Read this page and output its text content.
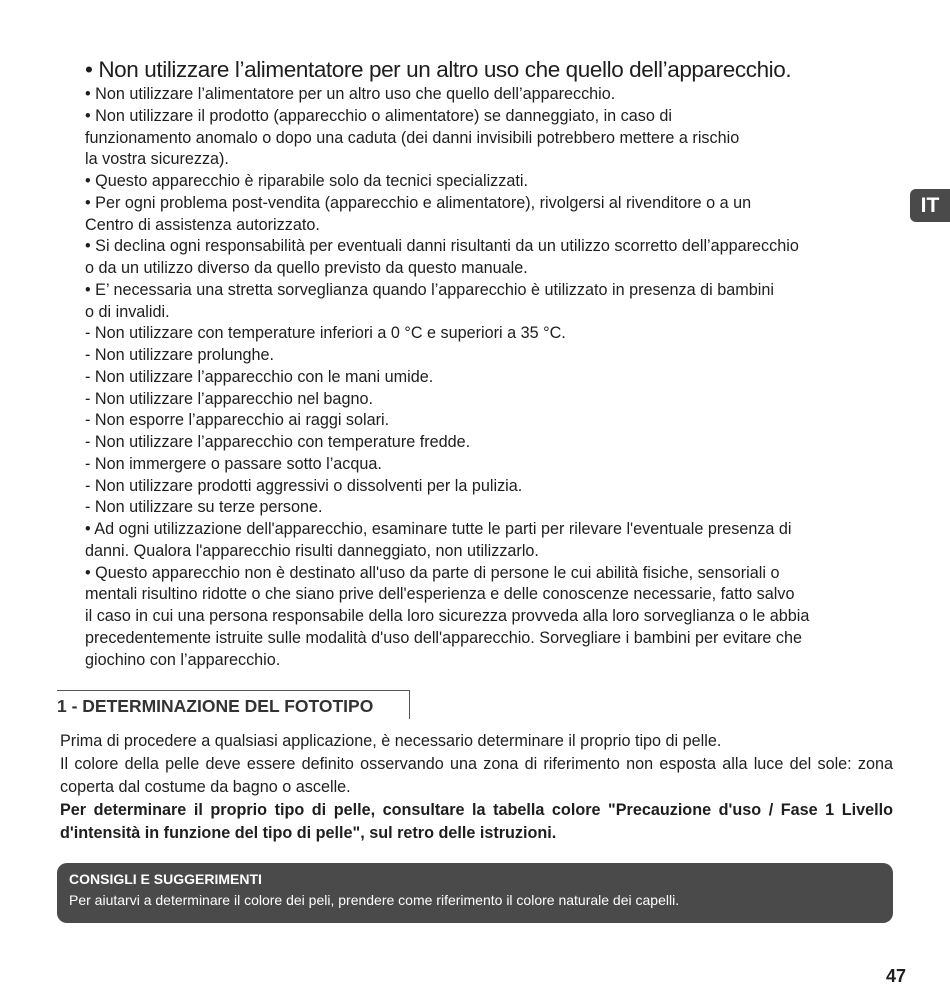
IT

• Non utilizzare l’alimentatore per un altro uso che quello dell’apparecchio.

• Non utilizzare l’alimentatore per un altro uso che quello dell’apparecchio.

• Non utilizzare il prodotto (apparecchio o alimentatore) se danneggiato, in caso di

funzionamento anomalo o dopo una caduta (dei danni invisibili potrebbero mettere a rischio

la vostra sicurezza).

• Questo apparecchio è riparabile solo da tecnici specializzati.

• Per ogni problema post-vendita (apparecchio e alimentatore), rivolgersi al rivenditore o a un

Centro di assistenza autorizzato.

• Si declina ogni responsabilità per eventuali danni risultanti da un utilizzo scorretto dell’apparecchio

o da un utilizzo diverso da quello previsto da questo manuale.

• E’ necessaria una stretta sorveglianza quando l’apparecchio è utilizzato in presenza di bambini

o di invalidi.

- Non utilizzare con temperature inferiori a 0 °C e superiori a 35 °C.

- Non utilizzare prolunghe.

- Non utilizzare l’apparecchio con le mani umide.

- Non utilizzare l’apparecchio nel bagno.

- Non esporre l’apparecchio ai raggi solari.

- Non utilizzare l’apparecchio con temperature fredde.

- Non immergere o passare sotto l’acqua.

- Non utilizzare prodotti aggressivi o dissolventi per la pulizia.

- Non utilizzare su terze persone.

• Ad ogni utilizzazione dell'apparecchio, esaminare tutte le parti per rilevare l'eventuale presenza di

danni. Qualora l'apparecchio risulti danneggiato, non utilizzarlo.

• Questo apparecchio non è destinato all'uso da parte di persone le cui abilità fisiche, sensoriali o

mentali risultino ridotte o che siano prive dell'esperienza e delle conoscenze necessarie, fatto salvo

il caso in cui una persona responsabile della loro sicurezza provveda alla loro sorveglianza o le abbia

precedentemente istruite sulle modalità d'uso dell'apparecchio. Sorvegliare i bambini per evitare che

giochino con l’apparecchio.

1 - DETERMINAZIONE DEL FOTOTIPO

Prima di procedere a qualsiasi applicazione, è necessario determinare il proprio tipo di pelle.

Il colore della pelle deve essere definito osservando una zona di riferimento non esposta alla luce del sole: zona coperta dal costume da bagno o ascelle.

Per determinare il proprio tipo di pelle, consultare la tabella colore "Precauzione d'uso / Fase 1 Livello d'intensità in funzione del tipo di pelle", sul retro delle istruzioni.

CONSIGLI E SUGGERIMENTI

Per aiutarvi a determinare il colore dei peli, prendere come riferimento il colore naturale dei capelli.

47
